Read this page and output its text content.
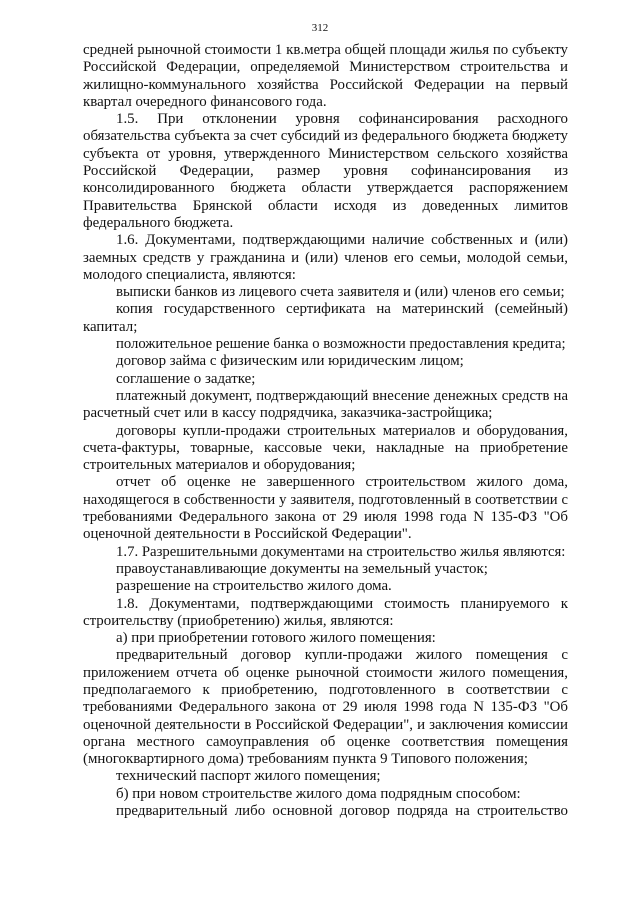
312
средней рыночной стоимости 1 кв.метра общей площади жилья по субъекту
Российской Федерации, определяемой Министерством строительства и
жилищно-коммунального хозяйства Российской Федерации на первый
квартал очередного финансового года.
1.5. При отклонении уровня софинансирования расходного
обязательства субъекта за счет субсидий из федерального бюджета бюджету
субъекта от уровня, утвержденного Министерством сельского хозяйства
Российской Федерации, размер уровня софинансирования из
консолидированного бюджета области утверждается распоряжением
Правительства Брянской области исходя из доведенных лимитов
федерального бюджета.
1.6. Документами, подтверждающими наличие собственных и (или)
заемных средств у гражданина и (или) членов его семьи, молодой семьи,
молодого специалиста, являются:
выписки банков из лицевого счета заявителя и (или) членов его семьи;
копия государственного сертификата на материнский (семейный)
капитал;
положительное решение банка о возможности предоставления кредита;
договор займа с физическим или юридическим лицом;
соглашение о задатке;
платежный документ, подтверждающий внесение денежных средств на
расчетный счет или в кассу подрядчика, заказчика-застройщика;
договоры купли-продажи строительных материалов и оборудования,
счета-фактуры, товарные, кассовые чеки, накладные на приобретение
строительных материалов и оборудования;
отчет об оценке не завершенного строительством жилого дома,
находящегося в собственности у заявителя, подготовленный в соответствии с
требованиями Федерального закона от 29 июля 1998 года N 135-ФЗ "Об
оценочной деятельности в Российской Федерации".
1.7. Разрешительными документами на строительство жилья являются:
правоустанавливающие документы на земельный участок;
разрешение на строительство жилого дома.
1.8. Документами, подтверждающими стоимость планируемого к
строительству (приобретению) жилья, являются:
а) при приобретении готового жилого помещения:
предварительный договор купли-продажи жилого помещения с
приложением отчета об оценке рыночной стоимости жилого помещения,
предполагаемого к приобретению, подготовленного в соответствии с
требованиями Федерального закона от 29 июля 1998 года N 135-ФЗ "Об
оценочной деятельности в Российской Федерации", и заключения комиссии
органа местного самоуправления об оценке соответствия помещения
(многоквартирного дома) требованиям пункта 9 Типового положения;
технический паспорт жилого помещения;
б) при новом строительстве жилого дома подрядным способом:
предварительный либо основной договор подряда на строительство
